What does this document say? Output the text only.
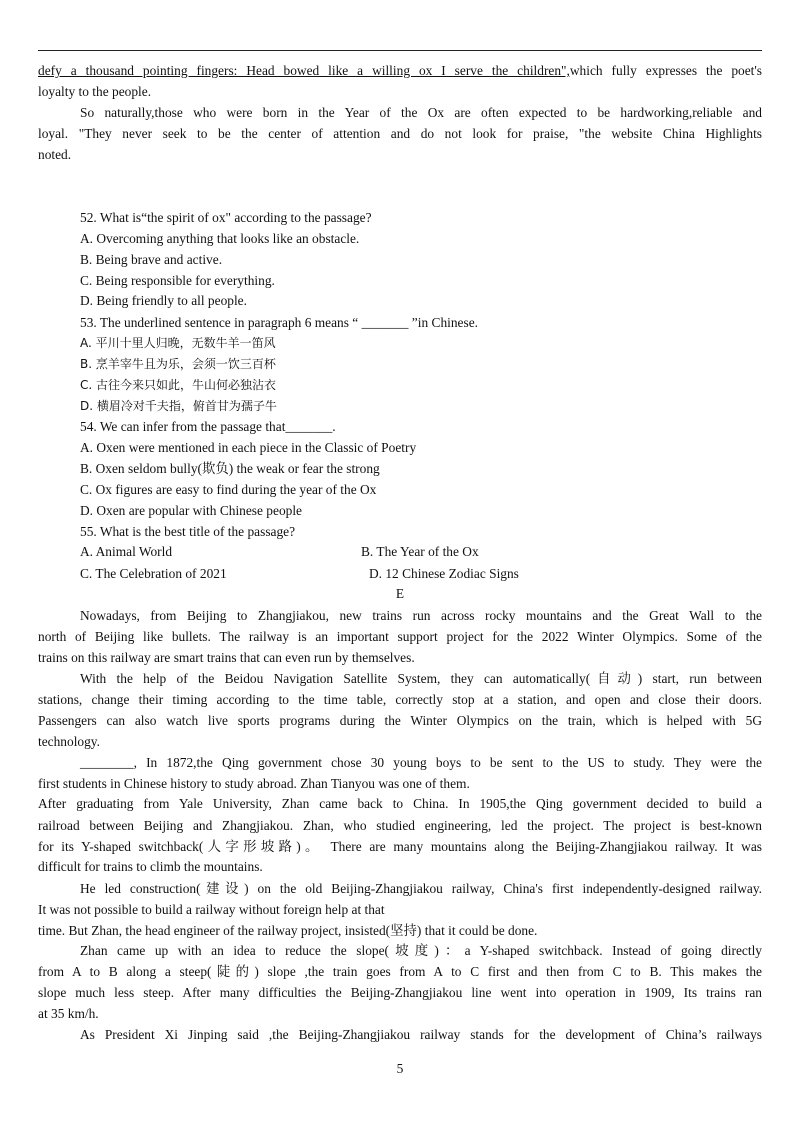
defy a thousand pointing fingers: Head bowed like a willing ox I serve the children",which fully expresses the poet's
loyalty to the people.
So naturally,those who were born in the Year of the Ox are often expected to be hardworking,reliable and
loyal. "They never seek to be the center of attention and do not look for praise, "the website China Highlights
noted.
52. What is“the spirit of ox" according to the passage?
A. Overcoming anything that looks like an obstacle.
B. Being brave and active.
C. Being responsible for everything.
D. Being friendly to all people.
53. The underlined sentence in paragraph 6 means “ _______ ”in Chinese.
A. 平川十里人归晚，无数牛羊一笛风
B. 烹羊宰牛且为乐，会须一饮三百杯
C. 古往今来只如此，牛山何必独沾衣
D. 横眉冷对千夫指，俯首甘为孺子牛
54. We can infer from the passage that_______.
A. Oxen were mentioned in each piece in the Classic of Poetry
B. Oxen seldom bully(欺负) the weak or fear the strong
C. Ox figures are easy to find during the year of the Ox
D. Oxen are popular with Chinese people
55. What is the best title of the passage?
A. Animal World	B. The Year of the Ox
C. The Celebration of 2021	D. 12 Chinese Zodiac Signs
E
Nowadays, from Beijing to Zhangjiakou, new trains run across rocky mountains and the Great Wall to the
north of Beijing like bullets. The railway is an important support project for the 2022 Winter Olympics. Some of the
trains on this railway are smart trains that can even run by themselves.
With the help of the Beidou Navigation Satellite System, they can automatically(自动) start, run between
stations, change their timing according to the time table, correctly stop at a station, and open and close their doors.
Passengers can also watch live sports programs during the Winter Olympics on the train, which is helped with 5G
technology.
________, In 1872,the Qing government chose 30 young boys to be sent to the US to study. They were the
first students in Chinese history to study abroad. Zhan Tianyou was one of them.
After graduating from Yale University, Zhan came back to China. In 1905,the Qing government decided to build a
railroad between Beijing and Zhangjiakou. Zhan, who studied engineering, led the project. The project is best-known
for its Y-shaped switchback(人字形坡路)。 There are many mountains along the Beijing-Zhangjiakou railway. It was
difficult for trains to climb the mountains.
He led construction(建设) on the old Beijing-Zhangjiakou railway, China's first independently-designed railway.
It was not possible to build a railway without foreign help at that
time. But Zhan, the head engineer of the railway project, insisted(坚持) that it could be done.
Zhan came up with an idea to reduce the slope(坡度)：a Y-shaped switchback. Instead of going directly
from A to B along a steep(陡的) slope ,the train goes from A to C first and then from C to B. This makes the
slope much less steep. After many difficulties the Beijing-Zhangjiakou line went into operation in 1909, Its trains ran
at 35 km/h.
As President Xi Jinping said ,the Beijing-Zhangjiakou railway stands for the development of China’s railways
5
